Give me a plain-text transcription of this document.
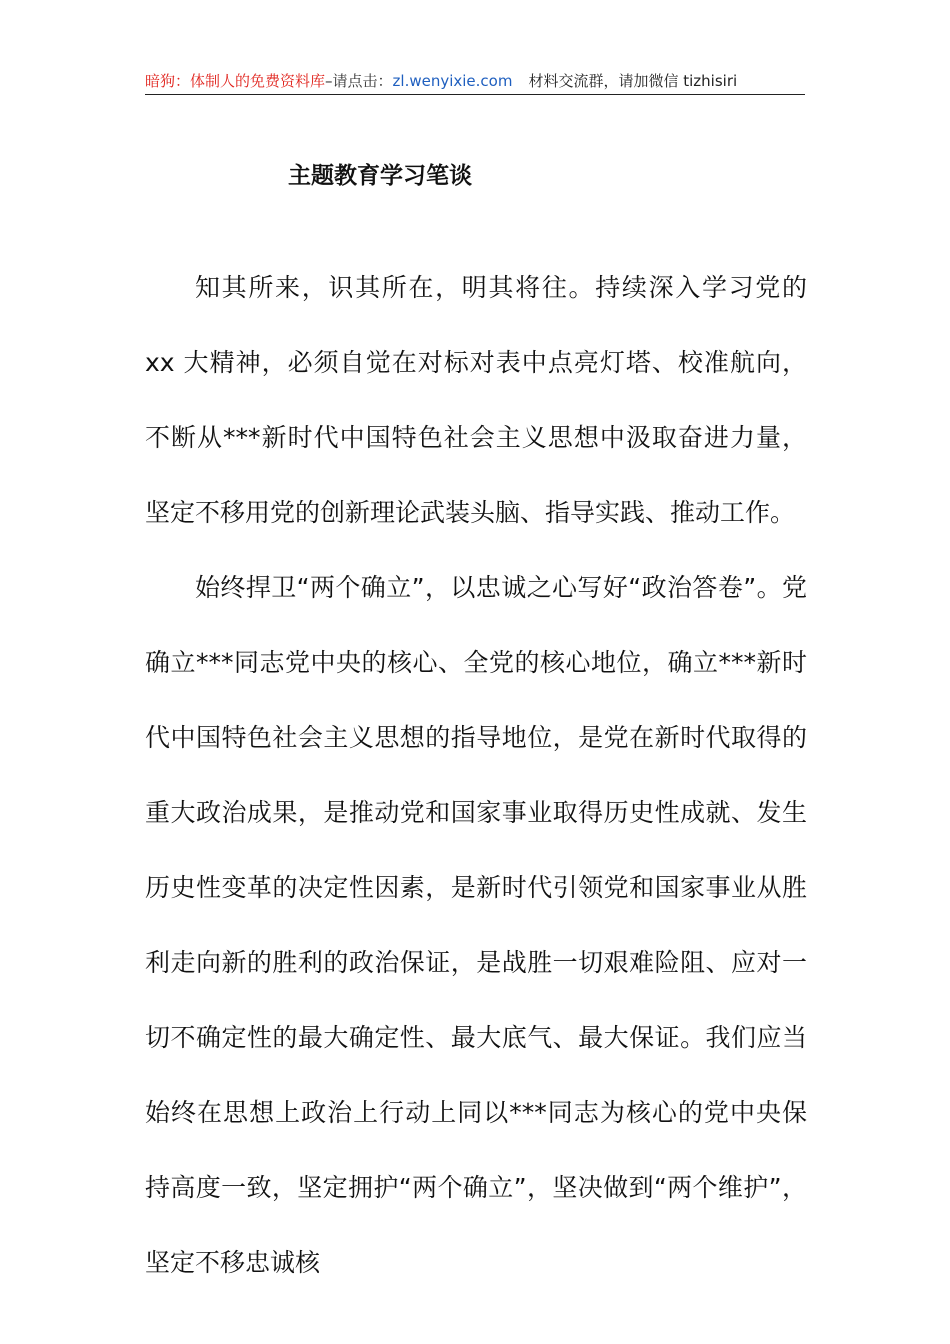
暗狗：体制人的免费资料库–请点击：zl.wenyixie.com 材料交流群，请加微信 tizhisiri
主题教育学习笔谈

知其所来，识其所在，明其将往。持续深入学习党的 xx 大精神，必须自觉在对标对表中点亮灯塔、校准航向，不断从***新时代中国特色社会主义思想中汲取奋进力量，坚定不移用党的创新理论武装头脑、指导实践、推动工作。

始终捍卫“两个确立”，以忠诚之心写好“政治答卷”。党确立***同志党中央的核心、全党的核心地位，确立***新时代中国特色社会主义思想的指导地位，是党在新时代取得的重大政治成果，是推动党和国家事业取得历史性成就、发生历史性变革的决定性因素，是新时代引领党和国家事业从胜利走向新的胜利的政治保证，是战胜一切艰难险阻、应对一切不确定性的最大确定性、最大底气、最大保证。我们应当始终在思想上政治上行动上同以***同志为核心的党中央保持高度一致，坚定拥护“两个确立”，坚决做到“两个维护”，坚定不移忠诚核
